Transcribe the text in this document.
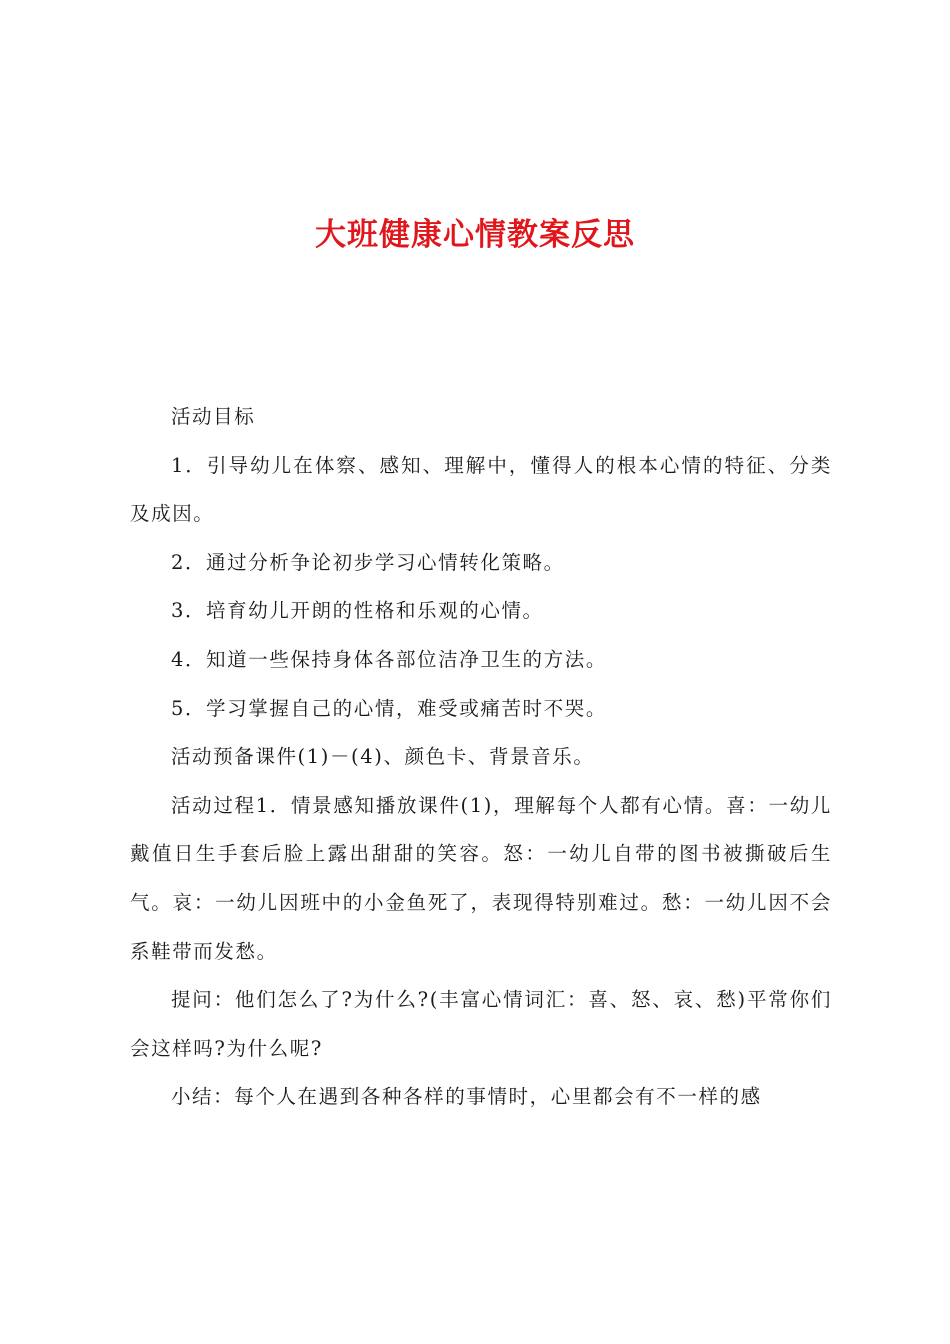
大班健康心情教案反思

活动目标

1．引导幼儿在体察、感知、理解中，懂得人的根本心情的特征、分类及成因。

2．通过分析争论初步学习心情转化策略。

3．培育幼儿开朗的性格和乐观的心情。

4．知道一些保持身体各部位洁净卫生的方法。

5．学习掌握自己的心情，难受或痛苦时不哭。

活动预备课件(1)－(4)、颜色卡、背景音乐。

活动过程1．情景感知播放课件(1)，理解每个人都有心情。喜：一幼儿戴值日生手套后脸上露出甜甜的笑容。怒：一幼儿自带的图书被撕破后生气。哀：一幼儿因班中的小金鱼死了，表现得特别难过。愁：一幼儿因不会系鞋带而发愁。

提问：他们怎么了?为什么?(丰富心情词汇：喜、怒、哀、愁)平常你们会这样吗?为什么呢?

小结：每个人在遇到各种各样的事情时，心里都会有不一样的感
